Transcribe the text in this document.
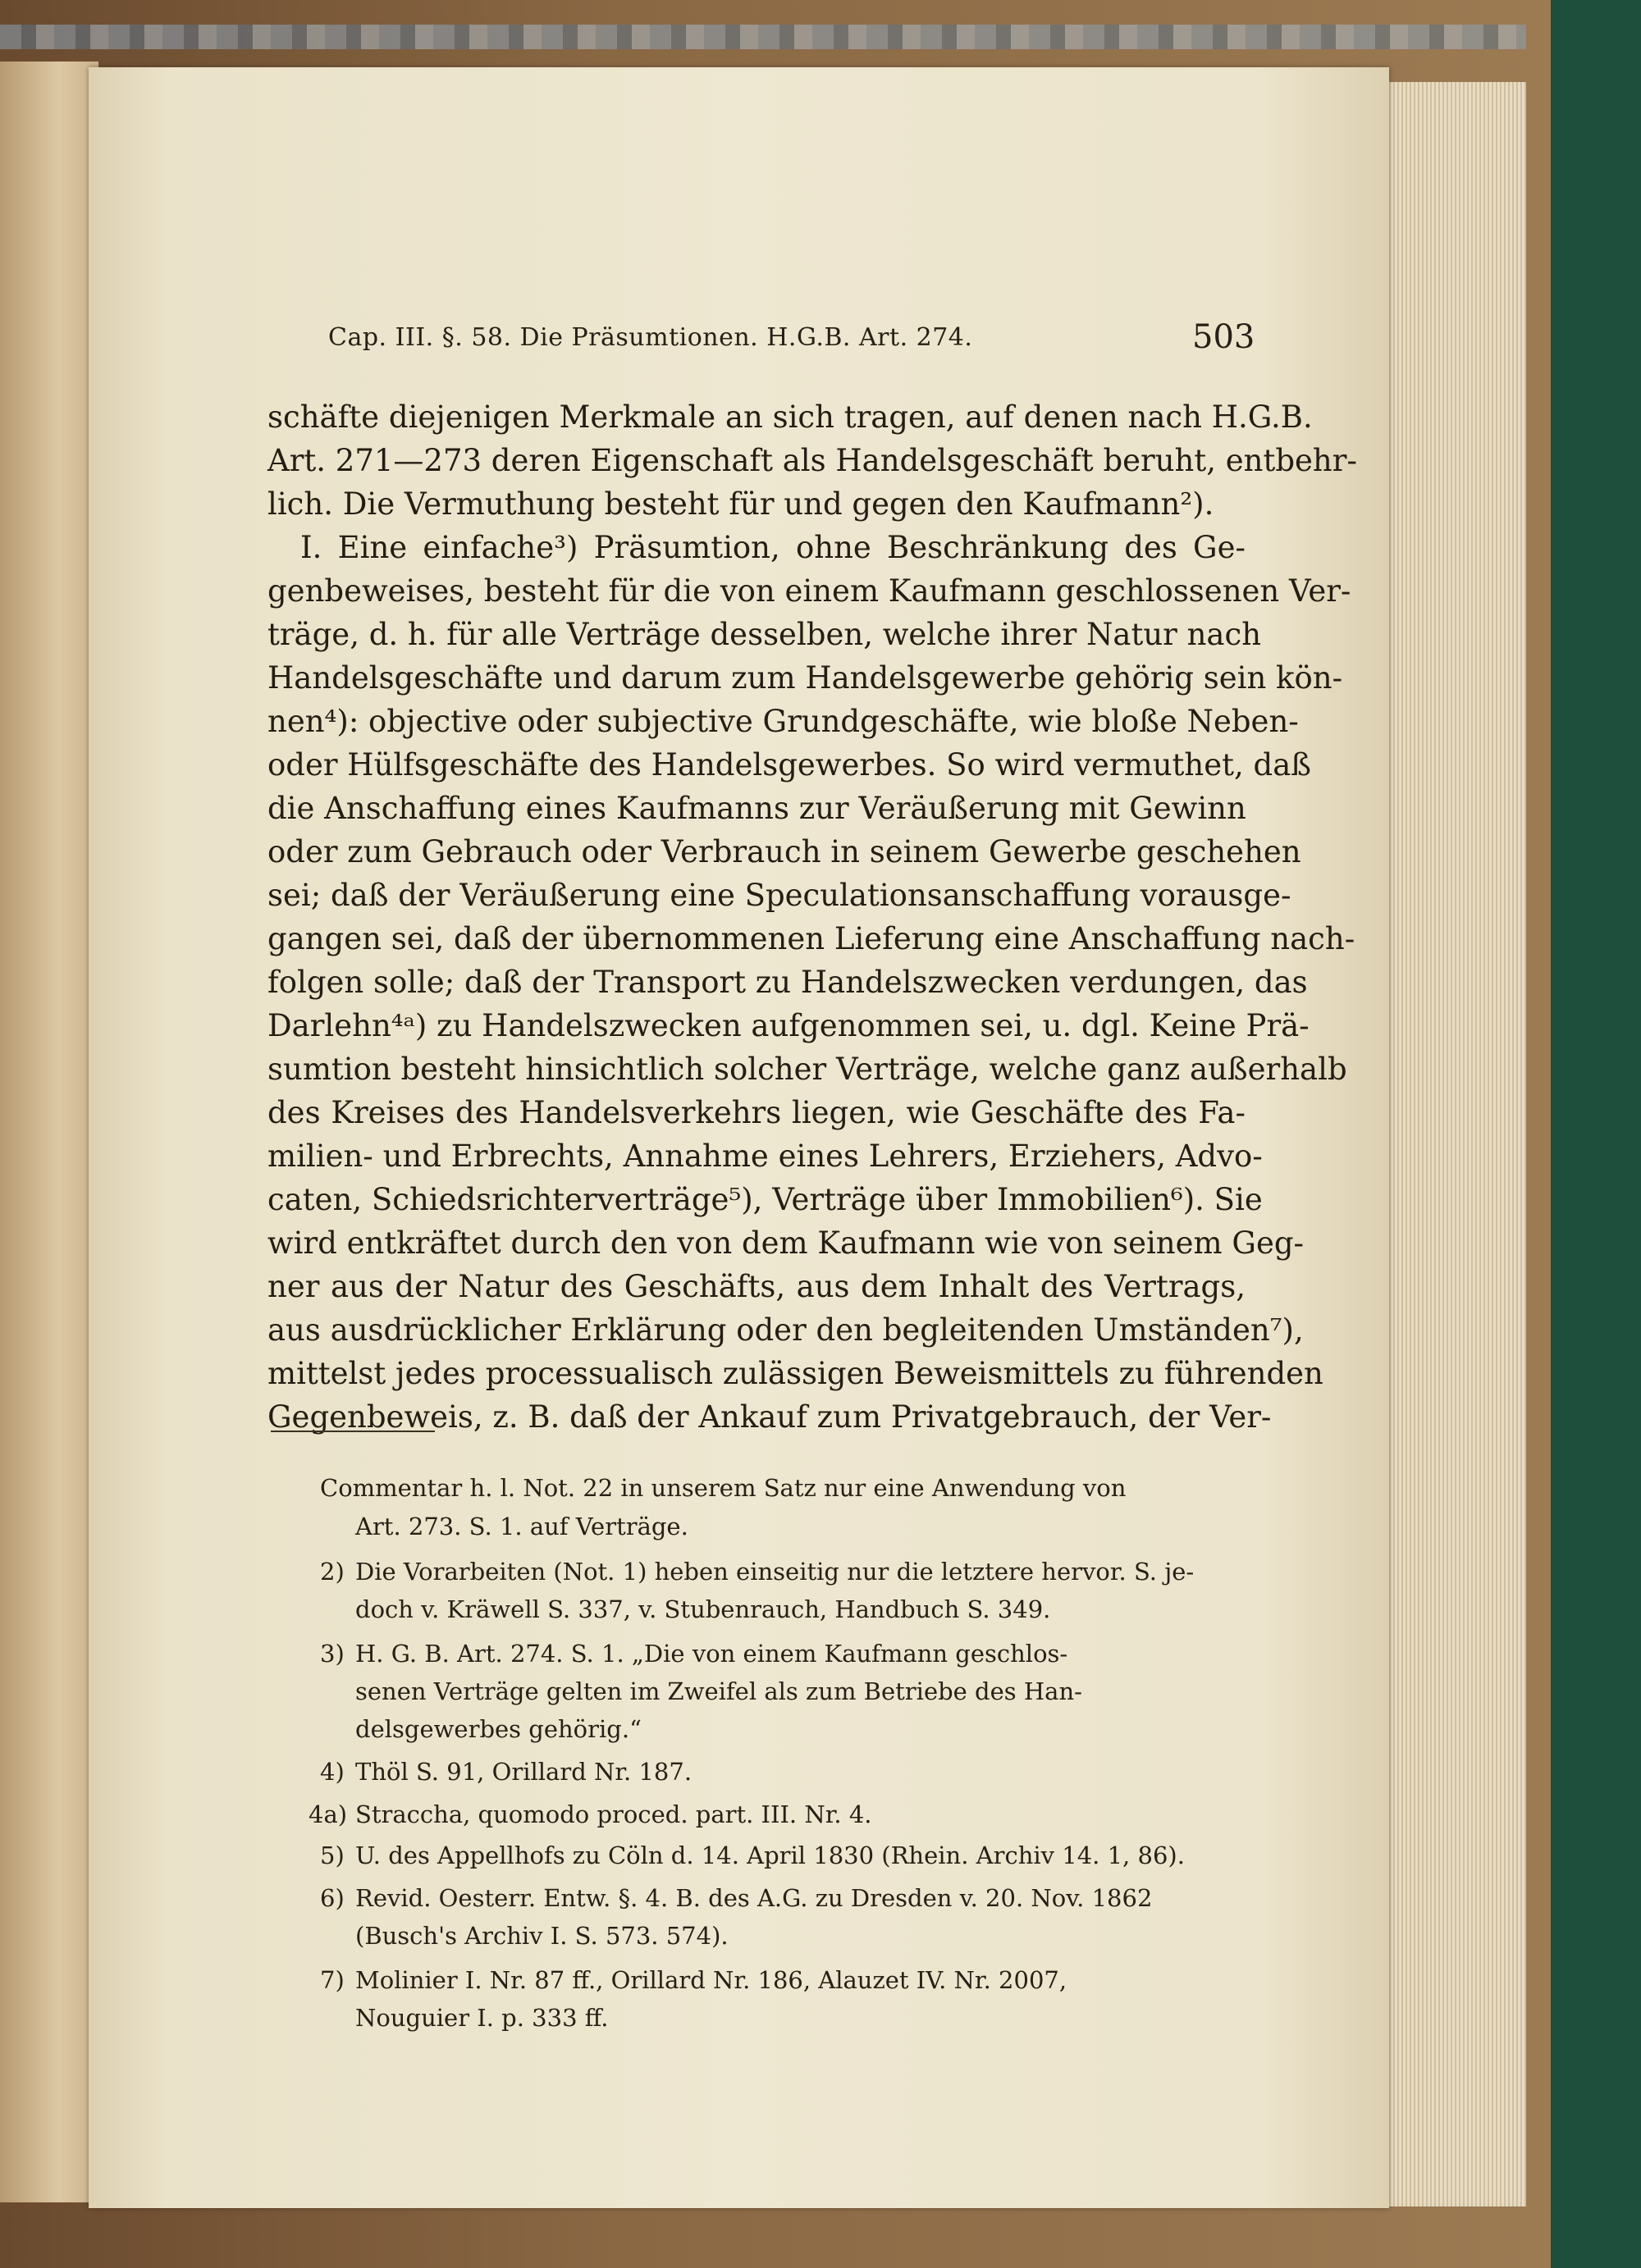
Cap. III. §. 58. Die Präsumtionen. H.G.B. Art. 274.	503

schäfte diejenigen Merkmale an sich tragen, auf denen nach H.G.B.

Art. 271—273 deren Eigenschaft als Handelsgeschäft beruht, entbehr-

lich. Die Vermuthung besteht für und gegen den Kaufmann²).

I. Eine einfache³) Präsumtion, ohne Beschränkung des Ge-

genbeweises, besteht für die von einem Kaufmann geschlossenen Ver-

träge, d. h. für alle Verträge desselben, welche ihrer Natur nach

Handelsgeschäfte und darum zum Handelsgewerbe gehörig sein kön-

nen⁴): objective oder subjective Grundgeschäfte, wie bloße Neben-

oder Hülfsgeschäfte des Handelsgewerbes. So wird vermuthet, daß

die Anschaffung eines Kaufmanns zur Veräußerung mit Gewinn

oder zum Gebrauch oder Verbrauch in seinem Gewerbe geschehen

sei; daß der Veräußerung eine Speculationsanschaffung vorausge-

gangen sei, daß der übernommenen Lieferung eine Anschaffung nach-

folgen solle; daß der Transport zu Handelszwecken verdungen, das

Darlehn⁴ᵃ) zu Handelszwecken aufgenommen sei, u. dgl. Keine Prä-

sumtion besteht hinsichtlich solcher Verträge, welche ganz außerhalb

des Kreises des Handelsverkehrs liegen, wie Geschäfte des Fa-

milien- und Erbrechts, Annahme eines Lehrers, Erziehers, Advo-

caten, Schiedsrichterverträge⁵), Verträge über Immobilien⁶). Sie

wird entkräftet durch den von dem Kaufmann wie von seinem Geg-

ner aus der Natur des Geschäfts, aus dem Inhalt des Vertrags,

aus ausdrücklicher Erklärung oder den begleitenden Umständen⁷),

mittelst jedes processualisch zulässigen Beweismittels zu führenden

Gegenbeweis, z. B. daß der Ankauf zum Privatgebrauch, der Ver-

Commentar h. l. Not. 22 in unserem Satz nur eine Anwendung von

Art. 273. S. 1. auf Verträge.

2) Die Vorarbeiten (Not. 1) heben einseitig nur die letztere hervor. S. je-

doch v. Kräwell S. 337, v. Stubenrauch, Handbuch S. 349.

3) H. G. B. Art. 274. S. 1. „Die von einem Kaufmann geschlos-

senen Verträge gelten im Zweifel als zum Betriebe des Han-

delsgewerbes gehörig.“

4) Thöl S. 91, Orillard Nr. 187.

4a) Straccha, quomodo proced. part. III. Nr. 4.

5) U. des Appellhofs zu Cöln d. 14. April 1830 (Rhein. Archiv 14. 1, 86).

6) Revid. Oesterr. Entw. §. 4. B. des A.G. zu Dresden v. 20. Nov. 1862

(Busch's Archiv I. S. 573. 574).

7) Molinier I. Nr. 87 ff., Orillard Nr. 186, Alauzet IV. Nr. 2007,

Nouguier I. p. 333 ff.
